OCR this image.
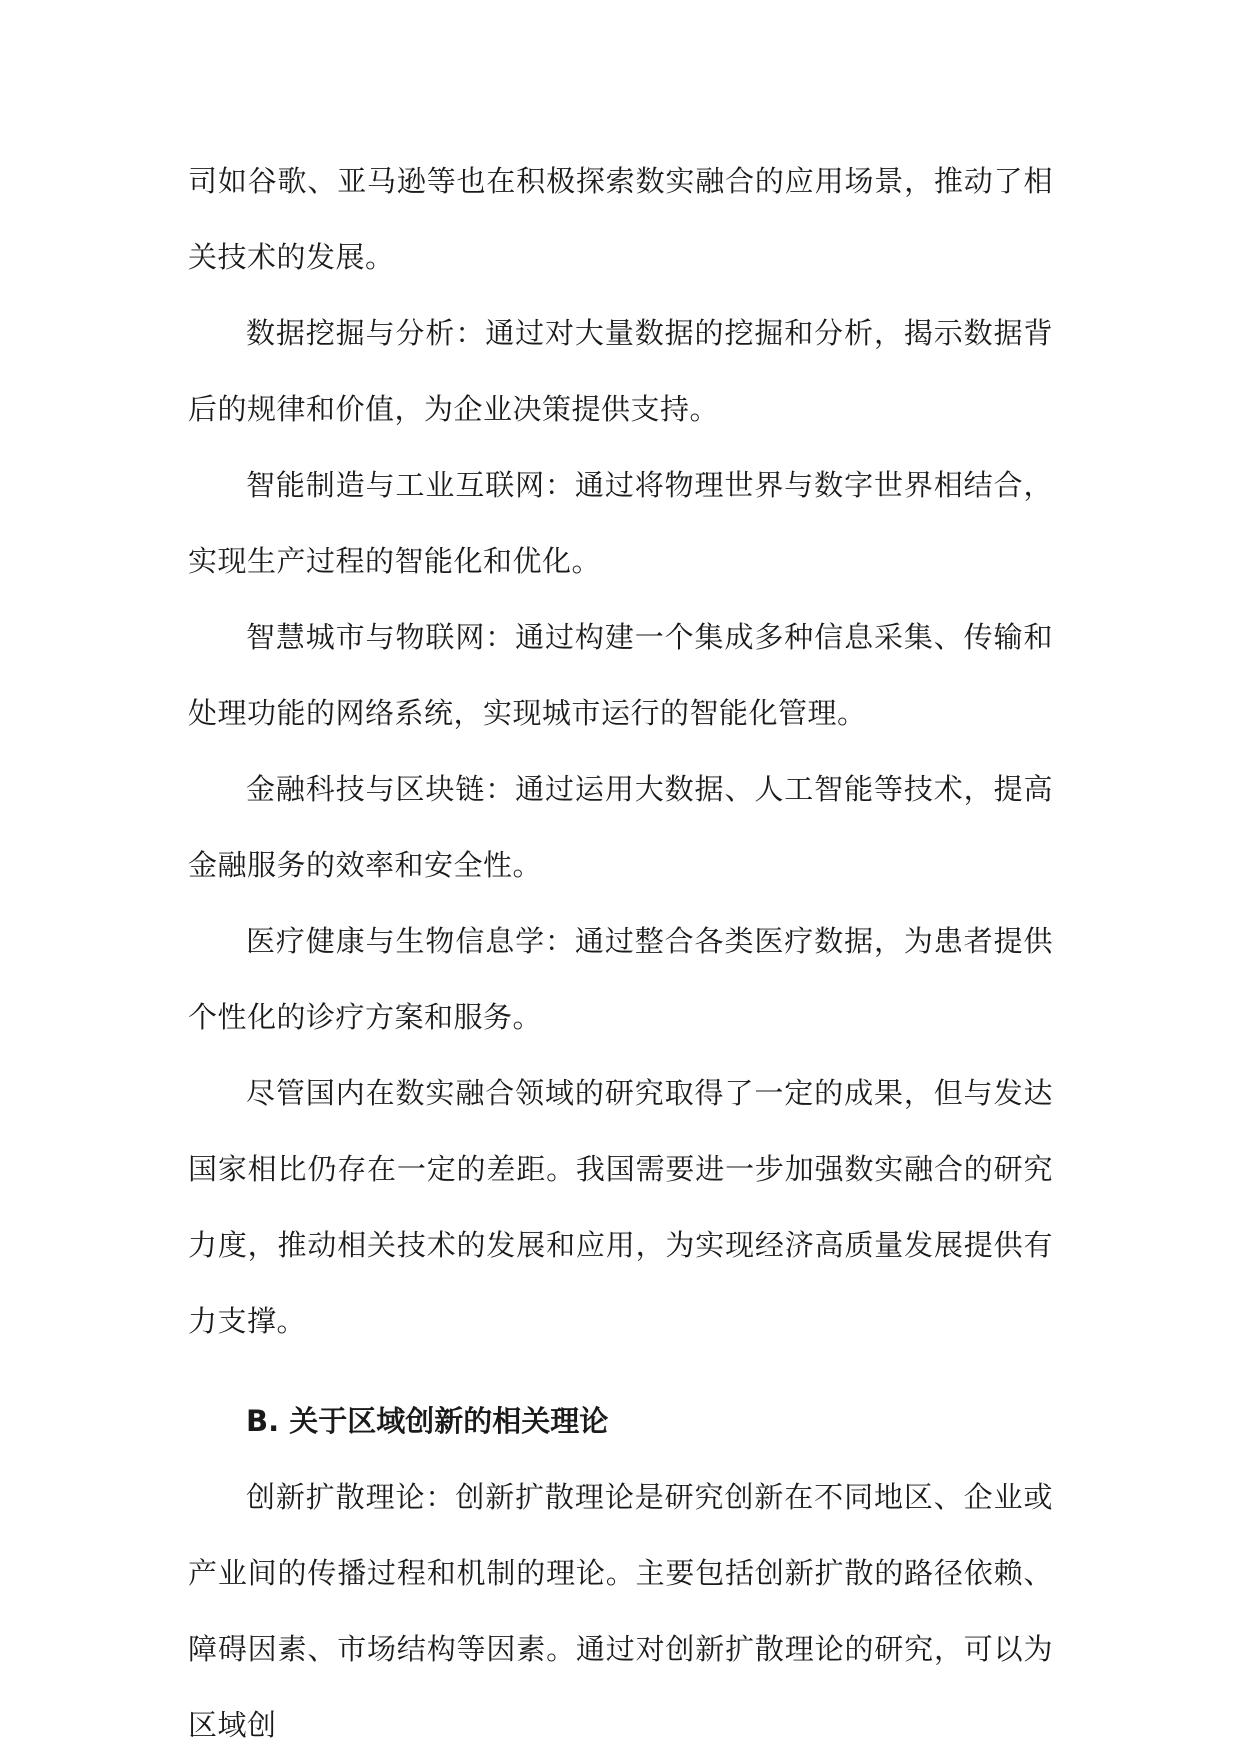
司如谷歌、亚马逊等也在积极探索数实融合的应用场景，推动了相关技术的发展。

数据挖掘与分析：通过对大量数据的挖掘和分析，揭示数据背后的规律和价值，为企业决策提供支持。

智能制造与工业互联网：通过将物理世界与数字世界相结合，实现生产过程的智能化和优化。

智慧城市与物联网：通过构建一个集成多种信息采集、传输和处理功能的网络系统，实现城市运行的智能化管理。

金融科技与区块链：通过运用大数据、人工智能等技术，提高金融服务的效率和安全性。

医疗健康与生物信息学：通过整合各类医疗数据，为患者提供个性化的诊疗方案和服务。

尽管国内在数实融合领域的研究取得了一定的成果，但与发达国家相比仍存在一定的差距。我国需要进一步加强数实融合的研究力度，推动相关技术的发展和应用，为实现经济高质量发展提供有力支撑。

B. 关于区域创新的相关理论

创新扩散理论：创新扩散理论是研究创新在不同地区、企业或产业间的传播过程和机制的理论。主要包括创新扩散的路径依赖、障碍因素、市场结构等因素。通过对创新扩散理论的研究，可以为区域创
